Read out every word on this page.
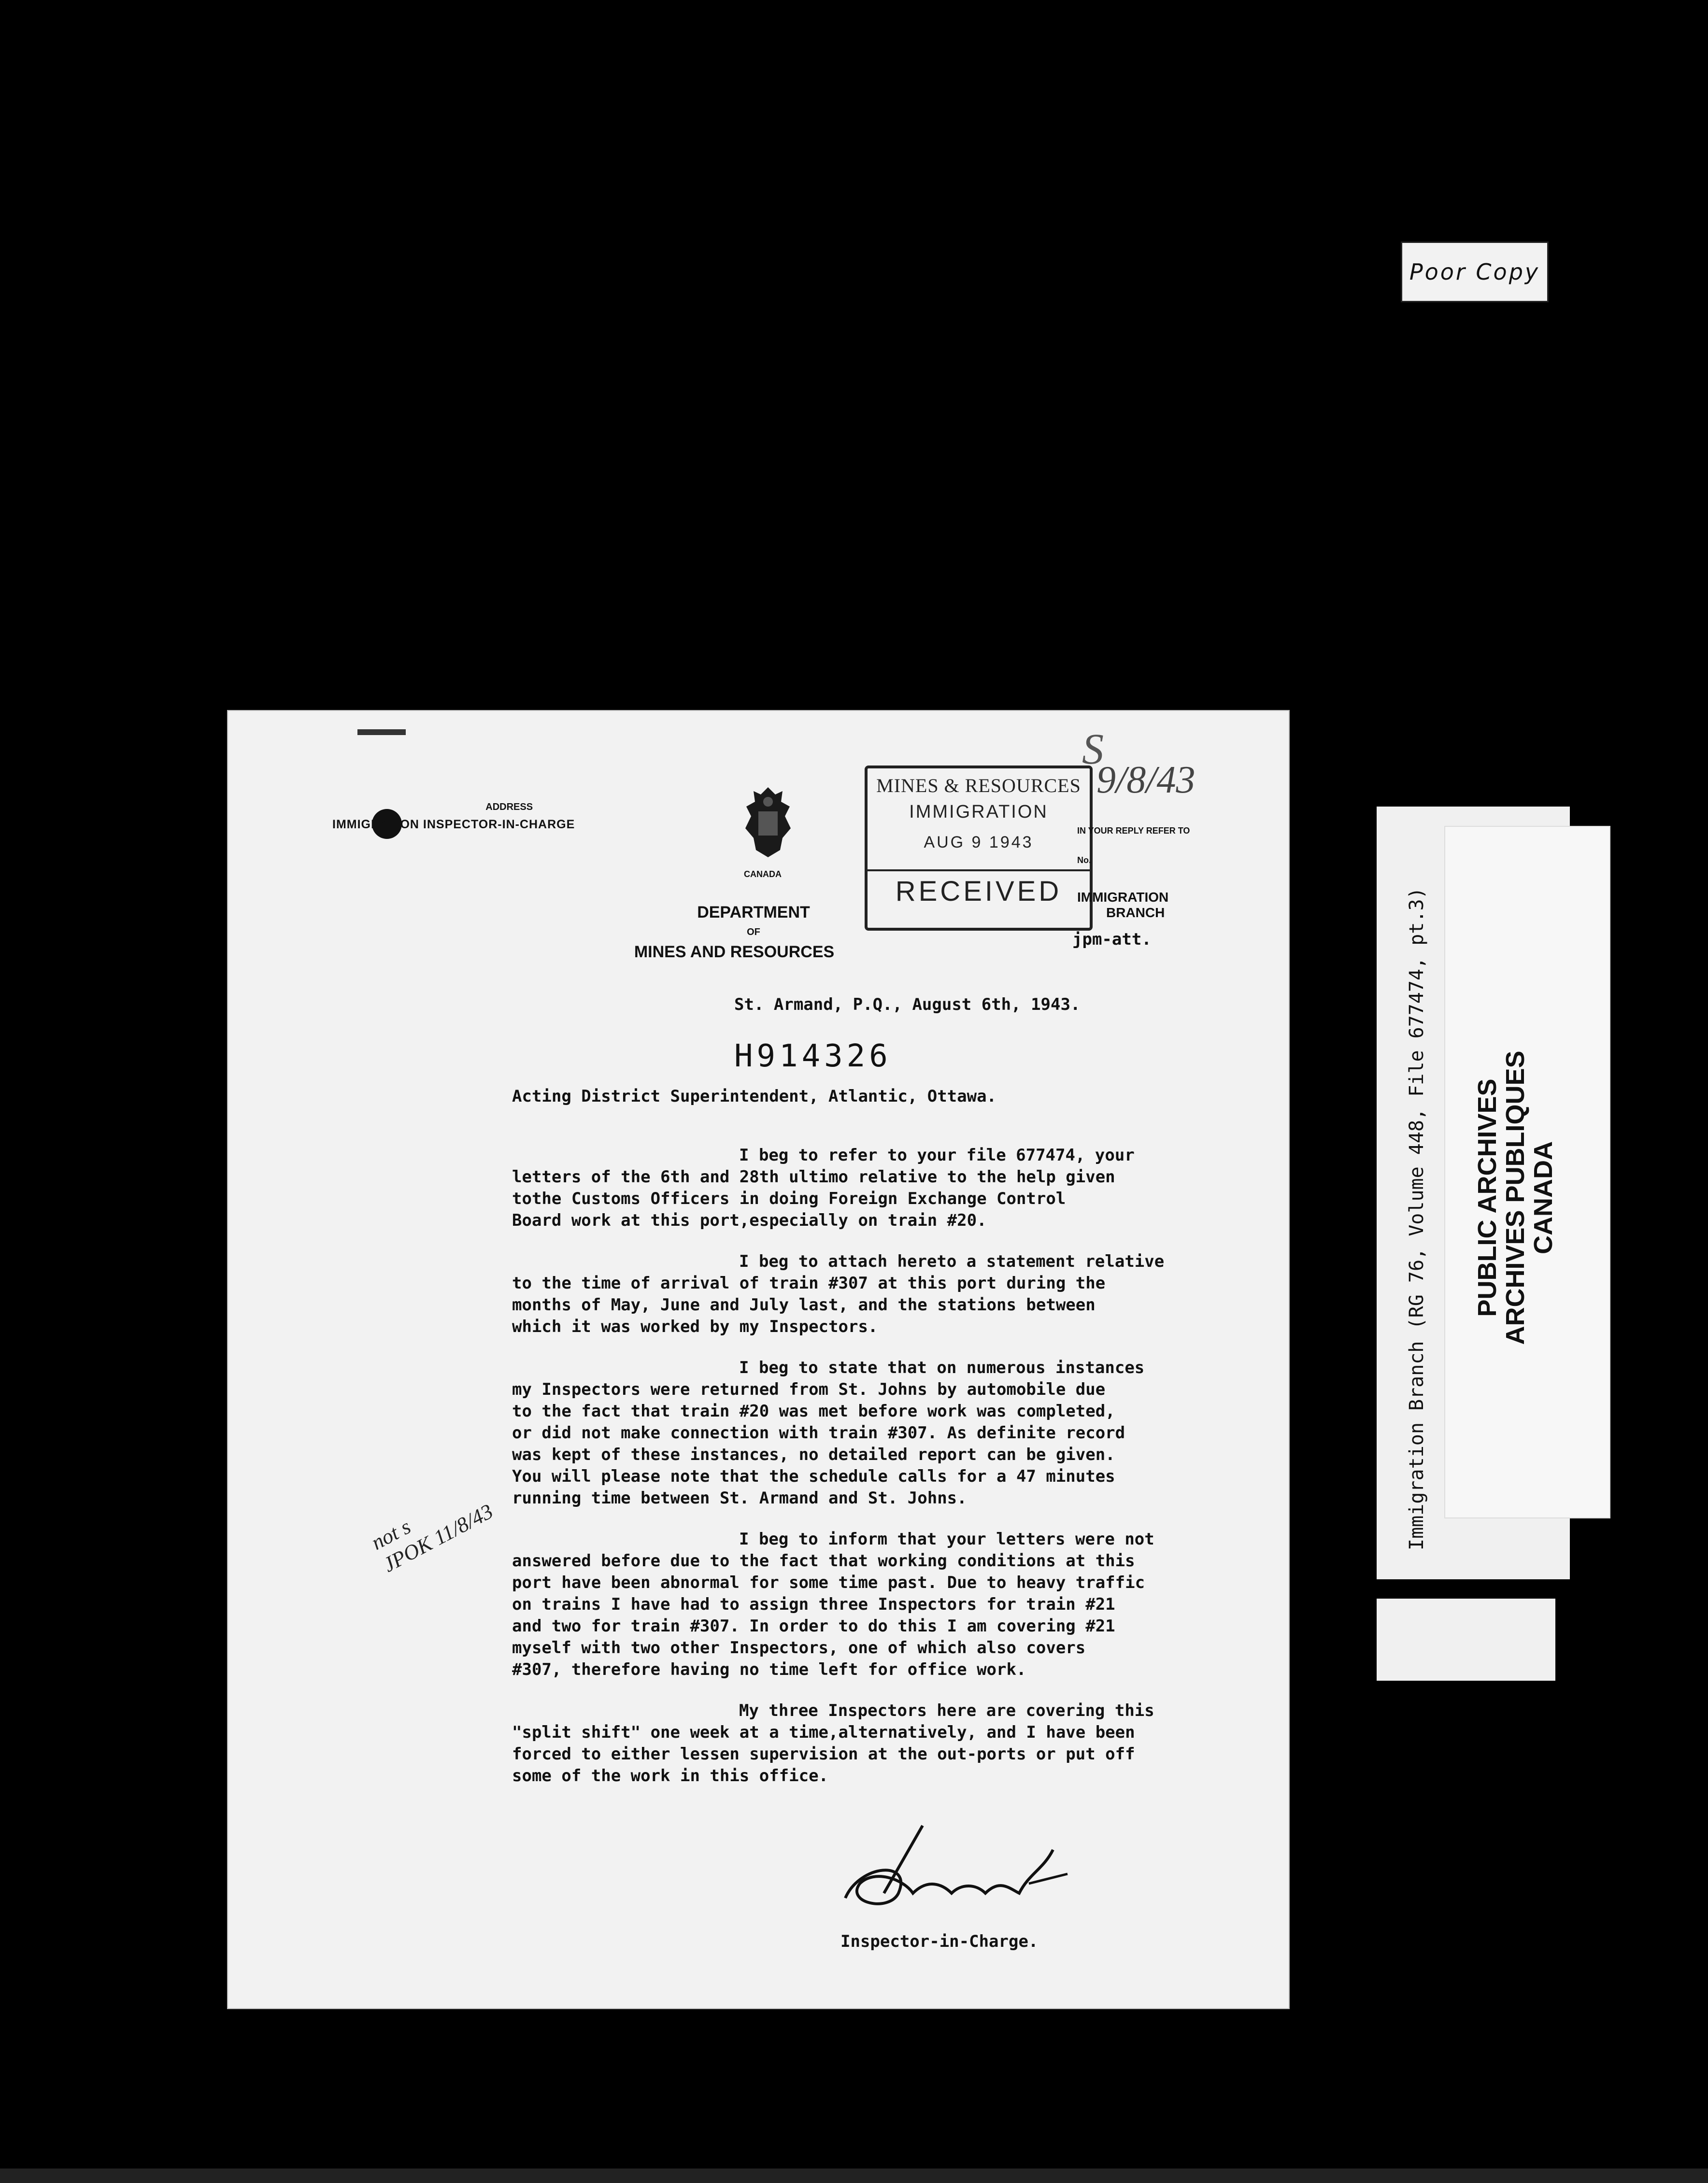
Poor Copy
ADDRESS
IMMIGRATION INSPECTOR-IN-CHARGE
CANADA
DEPARTMENT
OF
MINES AND RESOURCES
MINES & RESOURCES
IMMIGRATION
AUG 9 1943
RECEIVED
S
9/8/43
IN YOUR REPLY REFER TO
No.
IMMIGRATION
BRANCH
jpm-att.
St. Armand, P.Q., August 6th, 1943.
H914326
Acting District Superintendent, Atlantic, Ottawa.

I beg to refer to your file 677474, your
letters of the 6th and 28th ultimo relative to the help given
tothe Customs Officers in doing Foreign Exchange Control
Board work at this port,especially on train #20.

I beg to attach hereto a statement relative
to the time of arrival of train #307 at this port during the
months of May, June and July last, and the stations between
which it was worked by my Inspectors.

I beg to state that on numerous instances
my Inspectors were returned from St. Johns by automobile due
to the fact that train #20 was met before work was completed,
or did not make connection with train #307. As definite record
was kept of these instances, no detailed report can be given.
You will please note that the schedule calls for a 47 minutes
running time between St. Armand and St. Johns.

I beg to inform that your letters were not
answered before due to the fact that working conditions at this
port have been abnormal for some time past. Due to heavy traffic
on trains I have had to assign three Inspectors for train #21
and two for train #307. In order to do this I am covering #21
myself with two other Inspectors, one of which also covers
#307, therefore having no time left for office work.

My three Inspectors here are covering this
"split shift" one week at a time,alternatively, and I have been
forced to either lessen supervision at the out-ports or put off
some of the work in this office.

not s
JPOK 11/8/43
Inspector-in-Charge.
Immigration Branch (RG 76, Volume 448, File 677474, pt.3) PUBLIC ARCHIVES
ARCHIVES PUBLIQUES
CANADA
